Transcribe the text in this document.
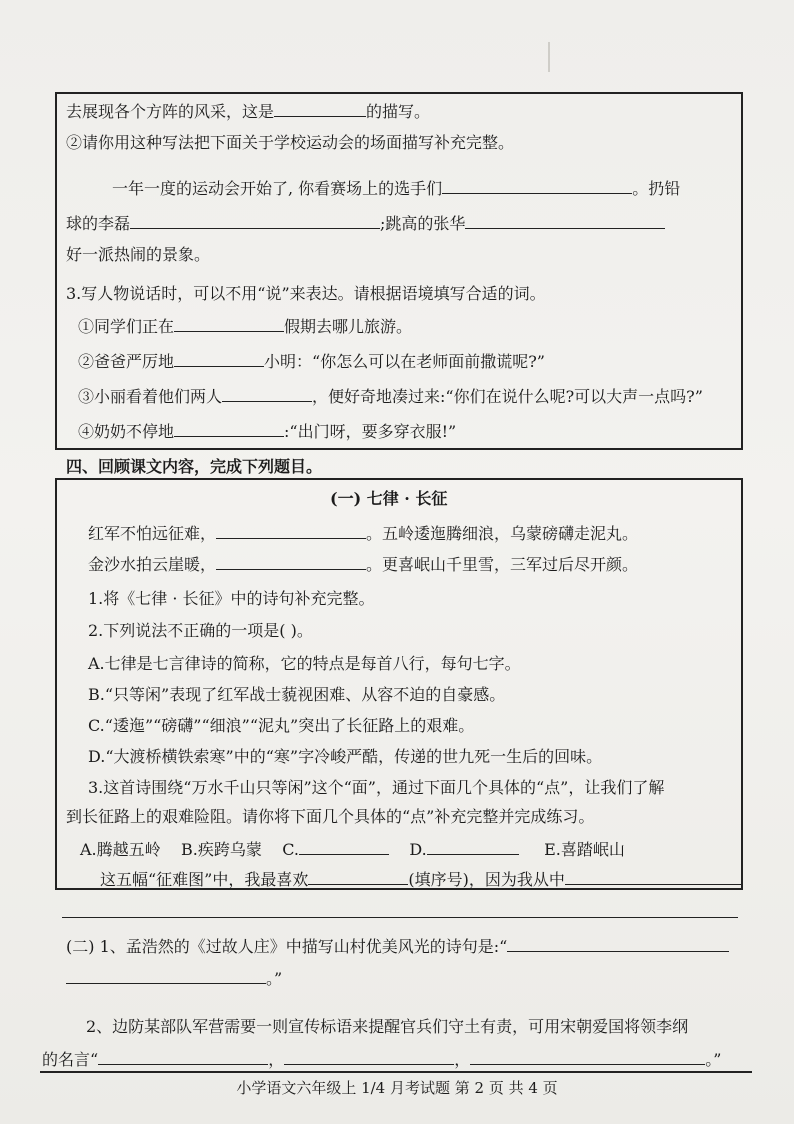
去展现各个方阵的风采，这是	的描写。
②请你用这种写法把下面关于学校运动会的场面描写补充完整。
一年一度的运动会开始了, 你看赛场上的选手们	。扔铅
球的李磊	;跳高的张华
好一派热闹的景象。
3.写人物说话时，可以不用“说”来表达。请根据语境填写合适的词。
①同学们正在	假期去哪儿旅游。
②爸爸严厉地	小明：“你怎么可以在老师面前撒谎呢?”
③小丽看着他们两人	，便好奇地凑过来:“你们在说什么呢?可以大声一点吗?”
④奶奶不停地	:“出门呀，要多穿衣服!”
四、回顾课文内容，完成下列题目。
(一) 七律 · 长征
红军不怕远征难，	。五岭逶迤腾细浪，乌蒙磅礴走泥丸。
金沙水拍云崖暖，	。更喜岷山千里雪，三军过后尽开颜。
1.将《七律 · 长征》中的诗句补充完整。
2.下列说法不正确的一项是( )。
A.七律是七言律诗的简称，它的特点是每首八行，每句七字。
B.“只等闲”表现了红军战士藐视困难、从容不迫的自豪感。
C.“逶迤”“磅礴”“细浪”“泥丸”突出了长征路上的艰难。
D.“大渡桥横铁索寒”中的“寒”字冷峻严酷，传递的世九死一生后的回味。
3.这首诗围绕“万水千山只等闲”这个“面”，通过下面几个具体的“点”，让我们了解
到长征路上的艰难险阻。请你将下面几个具体的“点”补充完整并完成练习。
A.腾越五岭 B.疾跨乌蒙 C.	D.	E.喜踏岷山
这五幅“征难图”中，我最喜欢	(填序号)，因为我从中
(二) 1、孟浩然的《过故人庄》中描写山村优美风光的诗句是:“
。”
2、边防某部队军营需要一则宣传标语来提醒官兵们守土有责，可用宋朝爱国将领李纲
的名言“	，	，	。”
小学语文六年级上 1/4 月考试题 第 2 页 共 4 页
